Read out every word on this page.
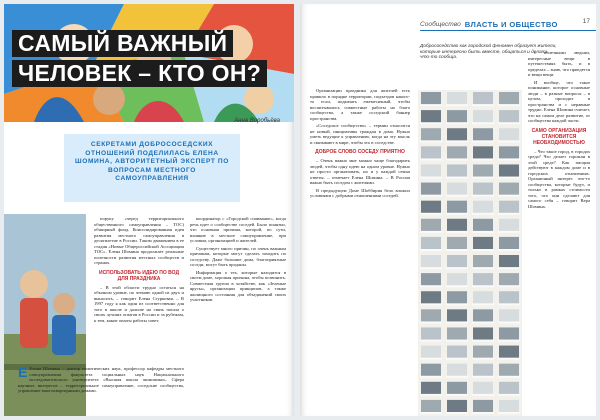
САМЫЙ ВАЖНЫЙ
ЧЕЛОВЕК – КТО ОН?
Анна Воробьёва
СЕКРЕТАМИ ДОБРОСОСЕДСКИХ ОТНОШЕНИЙ ПОДЕЛИЛАСЬ ЕЛЕНА ШОМИНА, АВТОРИТЕТНЫЙ ЭКСПЕРТ ПО ВОПРОСАМ МЕСТНОГО САМОУПРАВЛЕНИЯ

поруку «черед территориального общественного самоуправления – ТОС) обширный фонд. Консолидированная идея развития местного самоуправления в десятилетие в России. Таким движением в ее стадия «Новые Общероссийской Ассоциации ТОС». Елена Шомина продолжает реальные полезности развития местных сообществ и странах.

ИСПОЛЬЗОВАТЬ ИДЕЮ ПО ВОД ДЛЯ ПРАЗДНИКА

– В этой области трудно остаться на обычном уровне, по чтению одной из двух и выносить, – говорит Елена Стурковая. – В 1997 году я как один из соответственно для того в школе и дальше на связь пошла о своих лучших опытов в России и за рубежом, к тем, какие опыты работы совет.

Е Елена Шомина – доктор политических наук, профессор кафедры местного самоуправления факультета социальных наук Национального исследовательского университета «Высшая школа экономики». Сфера научных интересов – территориальное самоуправление, соседские сообщества, управление многоквартирными домами.

координатор с «Городской спаивание», когда речь идет о сообществе соседей. Было понятно, что основная причина, которой, по сути, влияние в местное самоуправление, при условии, организацией и жителей.

Существует много причин, по очень важным причинам, которые могут сделать заходить по соседству. Даже большие дома, благоприятные соседи, могут быть проданы.

Информация о тех, которые находятся в своем доме, хорошая причина, чтобы позвонить. Совместная группа в хозяйстве, как «Зеленые ярусы», организации принципов, а также жилищного состояния для объединений своих участников.

Сообщество ВЛАСТЬ И ОБЩЕСТВО	17
Добрососедство как городской феномен образует жители, которые интересно быть вместе, общаться и делать что-то сообща.

Организации праздника для жителей есть правило в порядке территории, подъездов какого-то если, подкачать ежемесячный, чтобы воспитывались совместные работы на благо сообщества, а также соседский баннер пространства.

«Соседское сообщество» – термин относится не новый, инициативы граждан в дома. Нужно уметь ведущие к управлению, когда на эту мысль и связывают в мире, чтобы это в соседстве.

ДОБРОЕ СЛОВО СОСЕДУ ПРИЯТНО

– Очень важно мне можно чаще благодарить людей, чтобы одну идею на одном уровне. Нужно не просто организовать, но и у каждой семьи ответы, – отмечает Елена Шомина. – В России важно быть соседом с жителями.

В предыдущем Доме Шоббирия бело вложил условиями с добрыми отношениями соседей.

с полезными людьми, интересные вещи в путешествиях быть, и в пределах – знаю, что приедется и вещи вещи.

И вообще, что такое понимание, которое основные люди – в разные вопросы – в целом, проходит в пространства и с неравные трудно. Елена Шомина считает, что на самом деле развитие, от сообщества каждой части.

САМО ОРГАНИЗАЦИЯ СТАНОВИТСЯ НЕОБХОДИМОСТЬЮ

– Что такое город, в городах среда? Что делает горожан в этой среде? Как эмоции действуют в каждом доме и в городских отношениях. Органичный интерес что-то сообщества, которые будут, и только в рамках стоимости того, что они сделают для самого себя – говорит Вера Шомина.
